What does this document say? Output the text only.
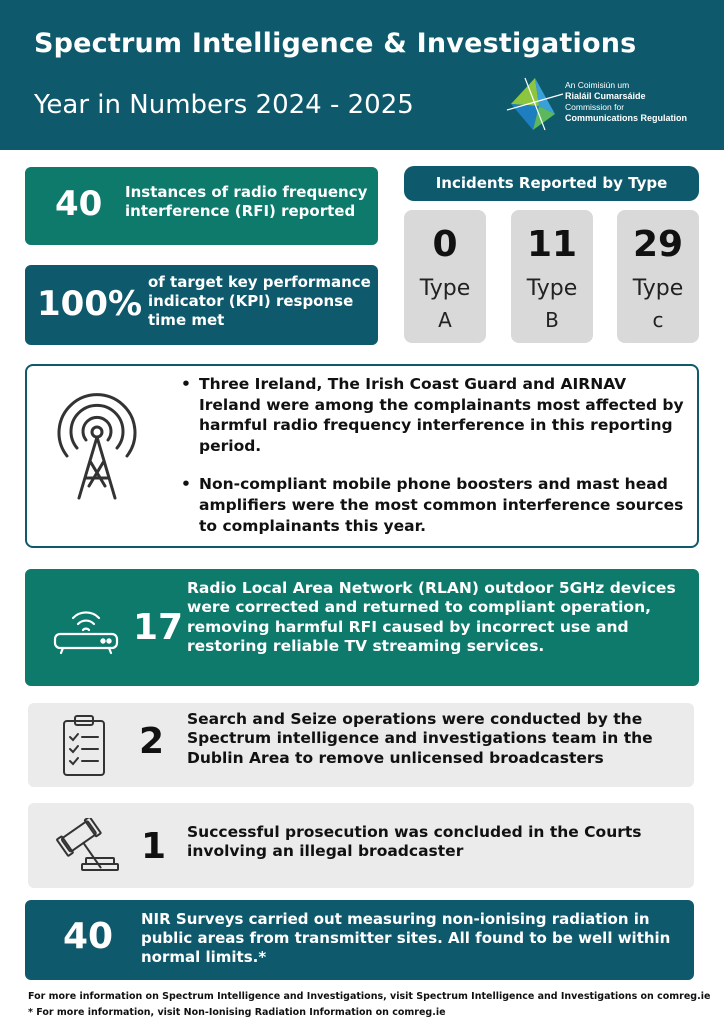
Spectrum Intelligence & Investigations
Year in Numbers 2024 - 2025
An Coimisiún um
Rialáil Cumarsáide
Commission for
Communications Regulation
40 Instances of radio frequency interference (RFI) reported
100%
of target key performance indicator (KPI) response time met
Incidents Reported by Type
0
Type
A
11
Type
B
29
Type
c
• Three Ireland, The Irish Coast Guard and AIRNAV Ireland were among the complainants most affected by harmful radio frequency interference in this reporting period.
• Non-compliant mobile phone boosters and mast head amplifiers were the most common interference sources to complainants this year.
17
Radio Local Area Network (RLAN) outdoor 5GHz devices were corrected and returned to compliant operation, removing harmful RFI caused by incorrect use and restoring reliable TV streaming services.
2
Search and Seize operations were conducted by the Spectrum intelligence and investigations team in the Dublin Area to remove unlicensed broadcasters
1 Successful prosecution was concluded in the Courts involving an illegal broadcaster
40 NIR Surveys carried out measuring non-ionising radiation in public areas from transmitter sites. All found to be well within normal limits.*
For more information on Spectrum Intelligence and Investigations, visit Spectrum Intelligence and Investigations on comreg.ie
* For more information, visit Non-Ionising Radiation Information on comreg.ie
